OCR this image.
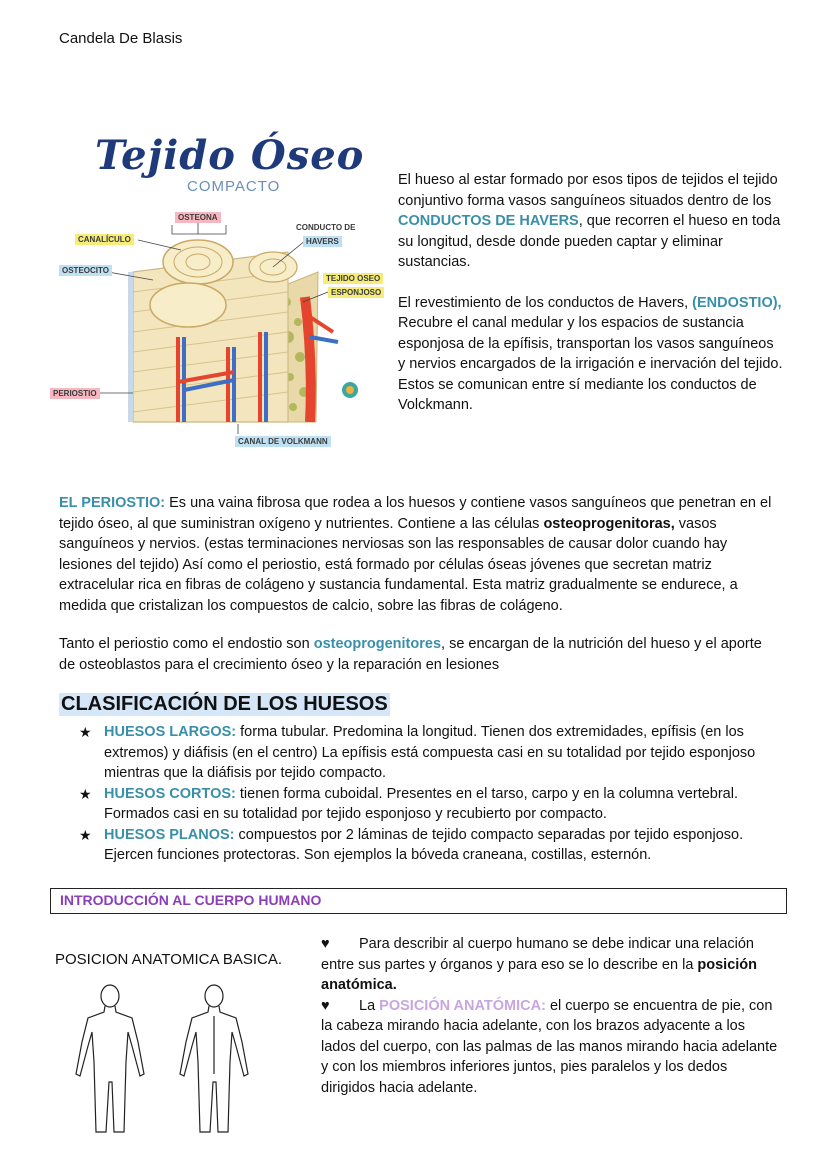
Candela De Blasis
Tejido Óseo
COMPACTO
OSTEONA
CONDUCTO DE
HAVERS
CANALÍCULO
OSTEOCITO
TEJIDO OSEO
ESPONJOSO
PERIOSTIO
CANAL DE VOLKMANN
El hueso al estar formado por esos tipos de tejidos el tejido conjuntivo forma vasos sanguíneos situados dentro de los CONDUCTOS DE HAVERS, que recorren el hueso en toda su longitud, desde donde pueden captar y eliminar sustancias.
El revestimiento de los conductos de Havers, (ENDOSTIO), Recubre el canal medular y los espacios de sustancia esponjosa de la epífisis, transportan los vasos sanguíneos y nervios encargados de la irrigación e inervación del tejido. Estos se comunican entre sí mediante los conductos de Volckmann.
EL PERIOSTIO: Es una vaina fibrosa que rodea a los huesos y contiene vasos sanguíneos que penetran en el tejido óseo, al que suministran oxígeno y nutrientes. Contiene a las células osteoprogenitoras, vasos sanguíneos y nervios. (estas terminaciones nerviosas son las responsables de causar dolor cuando hay lesiones del tejido) Así como el periostio, está formado por células óseas jóvenes que secretan matriz extracelular rica en fibras de colágeno y sustancia fundamental. Esta matriz gradualmente se endurece, a medida que cristalizan los compuestos de calcio, sobre las fibras de colágeno.
Tanto el periostio como el endostio son osteoprogenitores, se encargan de la nutrición del hueso y el aporte de osteoblastos para el crecimiento óseo y la reparación en lesiones
CLASIFICACIÓN DE LOS HUESOS
★ HUESOS LARGOS: forma tubular. Predomina la longitud. Tienen dos extremidades, epífisis (en los extremos) y diáfisis (en el centro) La epífisis está compuesta casi en su totalidad por tejido esponjoso mientras que la diáfisis por tejido compacto.
★ HUESOS CORTOS: tienen forma cuboidal. Presentes en el tarso, carpo y en la columna vertebral. Formados casi en su totalidad por tejido esponjoso y recubierto por compacto.
★ HUESOS PLANOS: compuestos por 2 láminas de tejido compacto separadas por tejido esponjoso. Ejercen funciones protectoras. Son ejemplos la bóveda craneana, costillas, esternón.
INTRODUCCIÓN AL CUERPO HUMANO
POSICION ANATOMICA BASICA.
♥ Para describir al cuerpo humano se debe indicar una relación entre sus partes y órganos y para eso se lo describe en la posición anatómica.
♥ La POSICIÓN ANATÓMICA: el cuerpo se encuentra de pie, con la cabeza mirando hacia adelante, con los brazos adyacente a los lados del cuerpo, con las palmas de las manos mirando hacia adelante y con los miembros inferiores juntos, pies paralelos y los dedos dirigidos hacia adelante.
